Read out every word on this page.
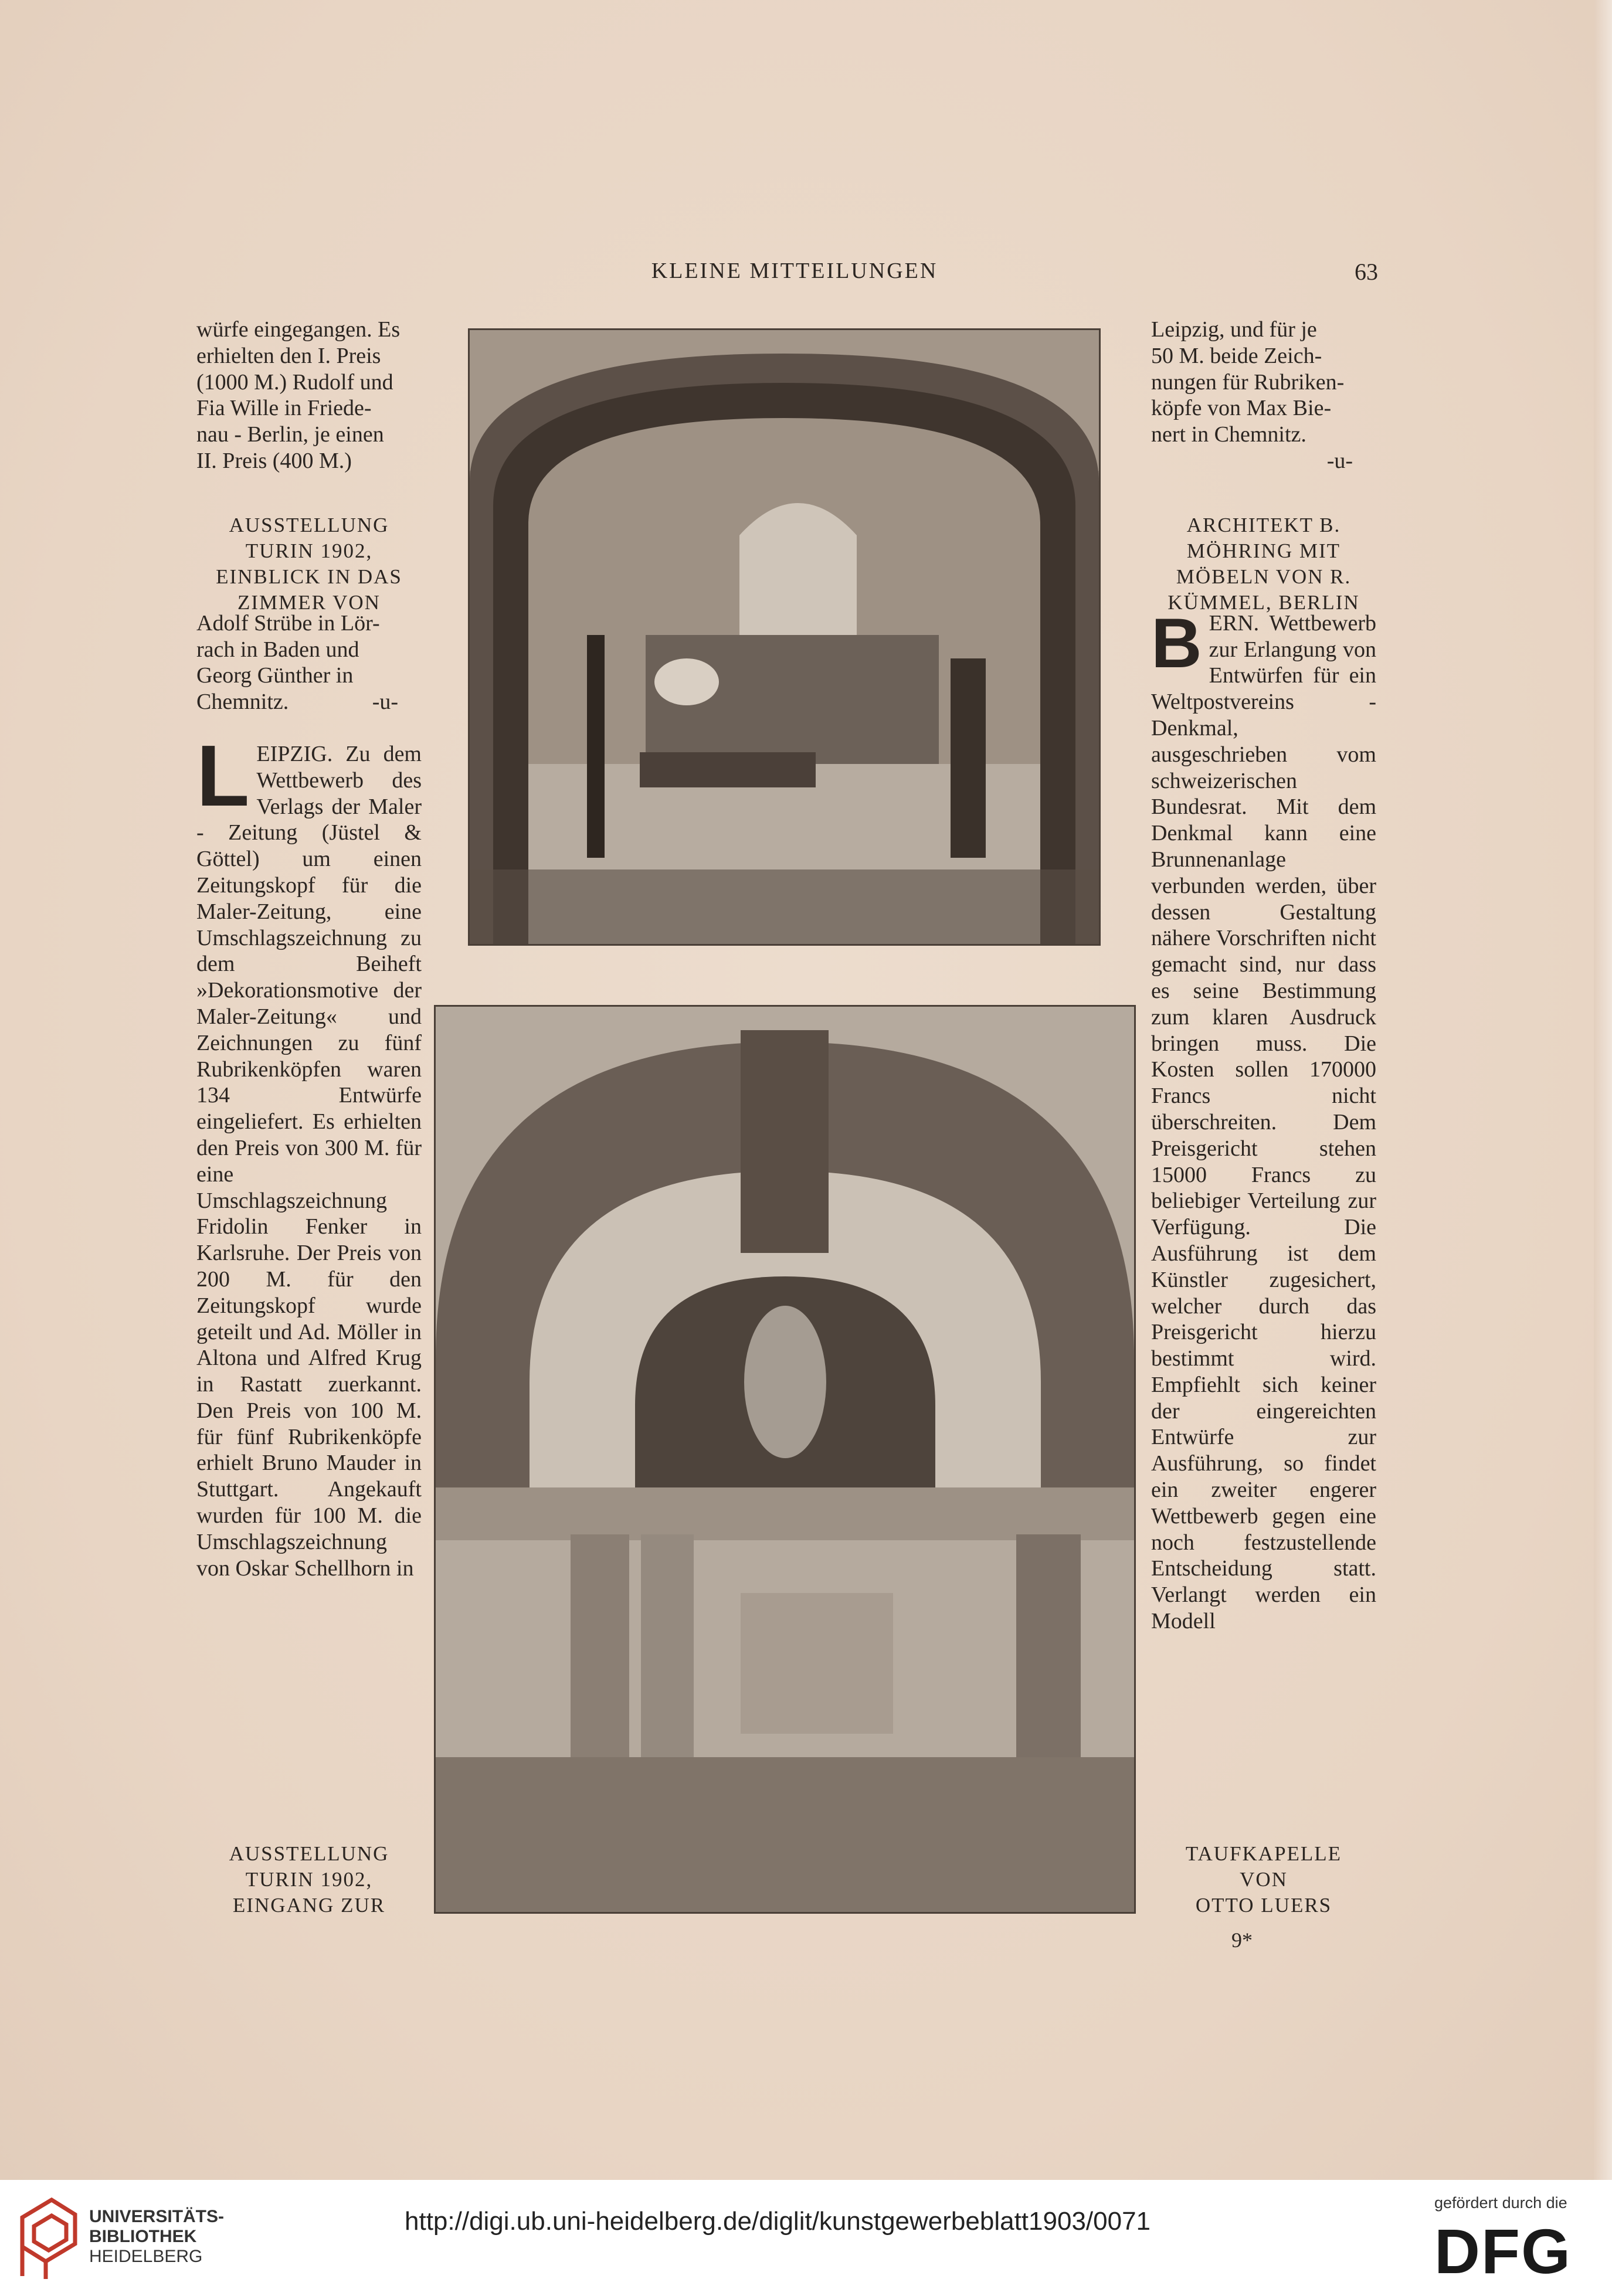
KLEINE MITTEILUNGEN	63

würfe eingegangen. Es

erhielten den I. Preis

(1000 M.) Rudolf und

Fia Wille in Friede-

nau - Berlin, je einen

II. Preis (400 M.)

Adolf Strübe in Lör-

rach in Baden und

Georg Günther in

Chemnitz.	-u-

L EIPZIG. Zu dem Wettbewerb des Verlags der Maler - Zeitung (Jüstel & Göttel) um einen Zeitungskopf für die Maler-Zeitung, eine Umschlagszeichnung zu dem Beiheft »Dekorationsmotive der Maler-Zeitung« und Zeichnungen zu fünf Rubrikenköpfen waren 134 Entwürfe eingeliefert. Es erhielten den Preis von 300 M. für eine Umschlagszeichnung Fridolin Fenker in Karlsruhe. Der Preis von 200 M. für den Zeitungskopf wurde geteilt und Ad. Möller in Altona und Alfred Krug in Rastatt zuerkannt. Den Preis von 100 M. für fünf Rubrikenköpfe erhielt Bruno Mauder in Stuttgart. Angekauft wurden für 100 M. die Umschlagszeichnung von Oskar Schellhorn in

AUSSTELLUNG
TURIN 1902,
EINBLICK IN DAS
ZIMMER VON
AUSSTELLUNG
TURIN 1902,
EINGANG ZUR

Leipzig, und für je

50 M. beide Zeich-

nungen für Rubriken-

köpfe von Max Bie-

nert in Chemnitz.

-u-

B ERN. Wettbewerb zur Erlangung von Entwürfen für ein Weltpostvereins - Denkmal, ausgeschrieben vom schweizerischen Bundesrat. Mit dem Denkmal kann eine Brunnenanlage verbunden werden, über dessen Gestaltung nähere Vorschriften nicht gemacht sind, nur dass es seine Bestimmung zum klaren Ausdruck bringen muss. Die Kosten sollen 170000 Francs nicht überschreiten. Dem Preisgericht stehen 15000 Francs zu beliebiger Verteilung zur Verfügung. Die Ausführung ist dem Künstler zugesichert, welcher durch das Preisgericht hierzu bestimmt wird. Empfiehlt sich keiner der eingereichten Entwürfe zur Ausführung, so findet ein zweiter engerer Wettbewerb gegen eine noch festzustellende Entscheidung statt. Verlangt werden ein Modell

ARCHITEKT B.
MÖHRING MIT
MÖBELN VON R.
KÜMMEL, BERLIN
TAUFKAPELLE
VON
OTTO LUERS
9*
UNIVERSITÄTS-
BIBLIOTHEK
HEIDELBERG
http://digi.ub.uni-heidelberg.de/diglit/kunstgewerbeblatt1903/0071
gefördert durch die
DFG
